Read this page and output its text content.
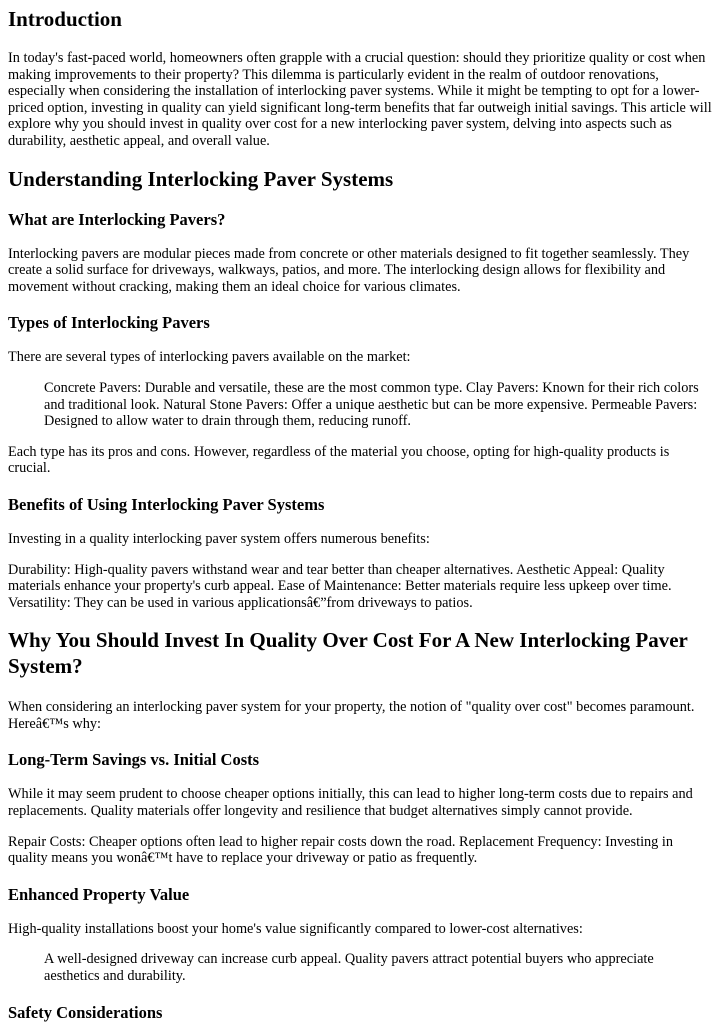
Introduction

In today's fast-paced world, homeowners often grapple with a crucial question: should they prioritize quality or cost when making improvements to their property? This dilemma is particularly evident in the realm of outdoor renovations, especially when considering the installation of interlocking paver systems. While it might be tempting to opt for a lower-priced option, investing in quality can yield significant long-term benefits that far outweigh initial savings. This article will explore why you should invest in quality over cost for a new interlocking paver system, delving into aspects such as durability, aesthetic appeal, and overall value.

Understanding Interlocking Paver Systems
What are Interlocking Pavers?

Interlocking pavers are modular pieces made from concrete or other materials designed to fit together seamlessly. They create a solid surface for driveways, walkways, patios, and more. The interlocking design allows for flexibility and movement without cracking, making them an ideal choice for various climates.

Types of Interlocking Pavers

There are several types of interlocking pavers available on the market:

Concrete Pavers: Durable and versatile, these are the most common type. Clay Pavers: Known for their rich colors and traditional look. Natural Stone Pavers: Offer a unique aesthetic but can be more expensive. Permeable Pavers: Designed to allow water to drain through them, reducing runoff.

Each type has its pros and cons. However, regardless of the material you choose, opting for high-quality products is crucial.

Benefits of Using Interlocking Paver Systems

Investing in a quality interlocking paver system offers numerous benefits:

Durability: High-quality pavers withstand wear and tear better than cheaper alternatives. Aesthetic Appeal: Quality materials enhance your property's curb appeal. Ease of Maintenance: Better materials require less upkeep over time. Versatility: They can be used in various applicationsâ€”from driveways to patios.

Why You Should Invest In Quality Over Cost For A New Interlocking Paver System?

When considering an interlocking paver system for your property, the notion of "quality over cost" becomes paramount. Hereâ€™s why:

Long-Term Savings vs. Initial Costs

While it may seem prudent to choose cheaper options initially, this can lead to higher long-term costs due to repairs and replacements. Quality materials offer longevity and resilience that budget alternatives simply cannot provide.

Repair Costs: Cheaper options often lead to higher repair costs down the road. Replacement Frequency: Investing in quality means you wonâ€™t have to replace your driveway or patio as frequently.

Enhanced Property Value

High-quality installations boost your home's value significantly compared to lower-cost alternatives:

A well-designed driveway can increase curb appeal. Quality pavers attract potential buyers who appreciate aesthetics and durability.
Safety Considerations
